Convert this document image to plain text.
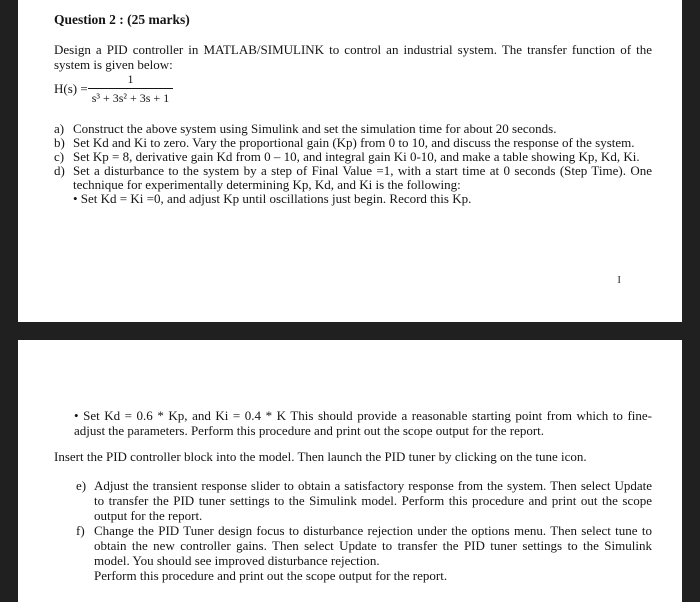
Question 2 : (25 marks)

Design a PID controller in MATLAB/SIMULINK to control an industrial system. The transfer function of the system is given below:

$H(s) = \frac{1}{\text{s³ + 3s² + 3s + 1}}$
a) Construct the above system using Simulink and set the simulation time for about 20 seconds.
b) Set Kd and Ki to zero. Vary the proportional gain (Kp) from 0 to 10, and discuss the response of the system.
c) Set Kp = 8, derivative gain Kd from 0 – 10, and integral gain Ki 0-10, and make a table showing Kp, Kd, Ki.
d) Set a disturbance to the system by a step of Final Value =1, with a start time at 0 seconds (Step Time). One technique for experimentally determining Kp, Kd, and Ki is the following:
• Set Kd = Ki =0, and adjust Kp until oscillations just begin. Record this Kp.
I

• Set Kd = 0.6 * Kp, and Ki = 0.4 * K This should provide a reasonable starting point from which to fine-adjust the parameters. Perform this procedure and print out the scope output for the report.

Insert the PID controller block into the model. Then launch the PID tuner by clicking on the tune icon.

e) Adjust the transient response slider to obtain a satisfactory response from the system. Then select Update to transfer the PID tuner settings to the Simulink model. Perform this procedure and print out the scope output for the report.
f) Change the PID Tuner design focus to disturbance rejection under the options menu. Then select tune to obtain the new controller gains. Then select Update to transfer the PID tuner settings to the Simulink model. You should see improved disturbance rejection.
Perform this procedure and print out the scope output for the report.
